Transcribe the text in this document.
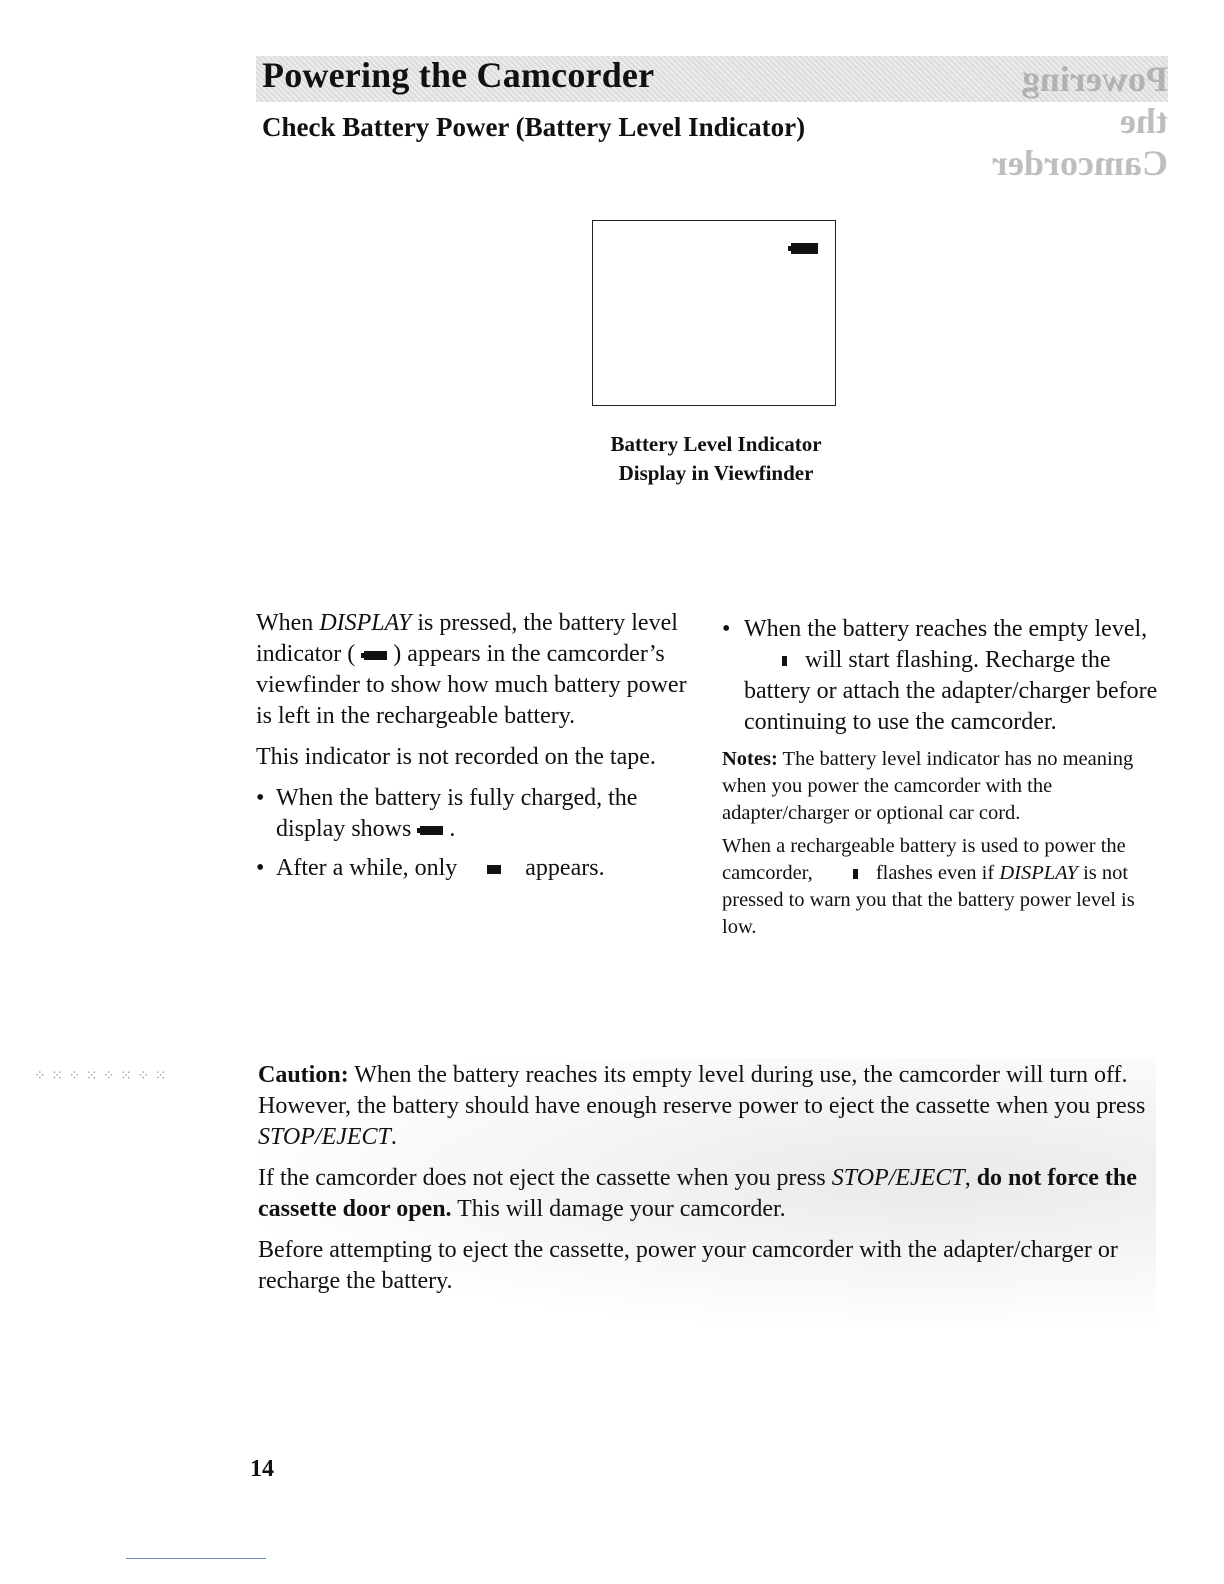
Powering the Camcorder	Powering the Camcorder
Check Battery Power (Battery Level Indicator)
Battery Level Indicator
Display in Viewfinder

When DISPLAY is pressed, the battery level indicator ( ) appears in the camcorder’s viewfinder to show how much battery power is left in the rechargeable battery.

This indicator is not recorded on the tape.

• When the battery is fully charged, the display shows .
• After a while, only	appears.
• When the battery reaches the empty level,will start flashing. Recharge the battery or attach the adapter/charger before continuing to use the camcorder.

Notes: The battery level indicator has no meaning when you power the camcorder with the adapter/charger or optional car cord.

When a rechargeable battery is used to power the camcorder,	flashes even if DISPLAY is not pressed to warn you that the battery power level is low.

Caution: When the battery reaches its empty level during use, the camcorder will turn off. However, the battery should have enough reserve power to eject the cassette when you press STOP/EJECT.

If the camcorder does not eject the cassette when you press STOP/EJECT, do not force the cassette door open. This will damage your camcorder.

Before attempting to eject the cassette, power your camcorder with the adapter/charger or recharge the battery.

⁘ ⁙ ⁘ ⁙ ⁘ ⁙ ⁘ ⁙
14
